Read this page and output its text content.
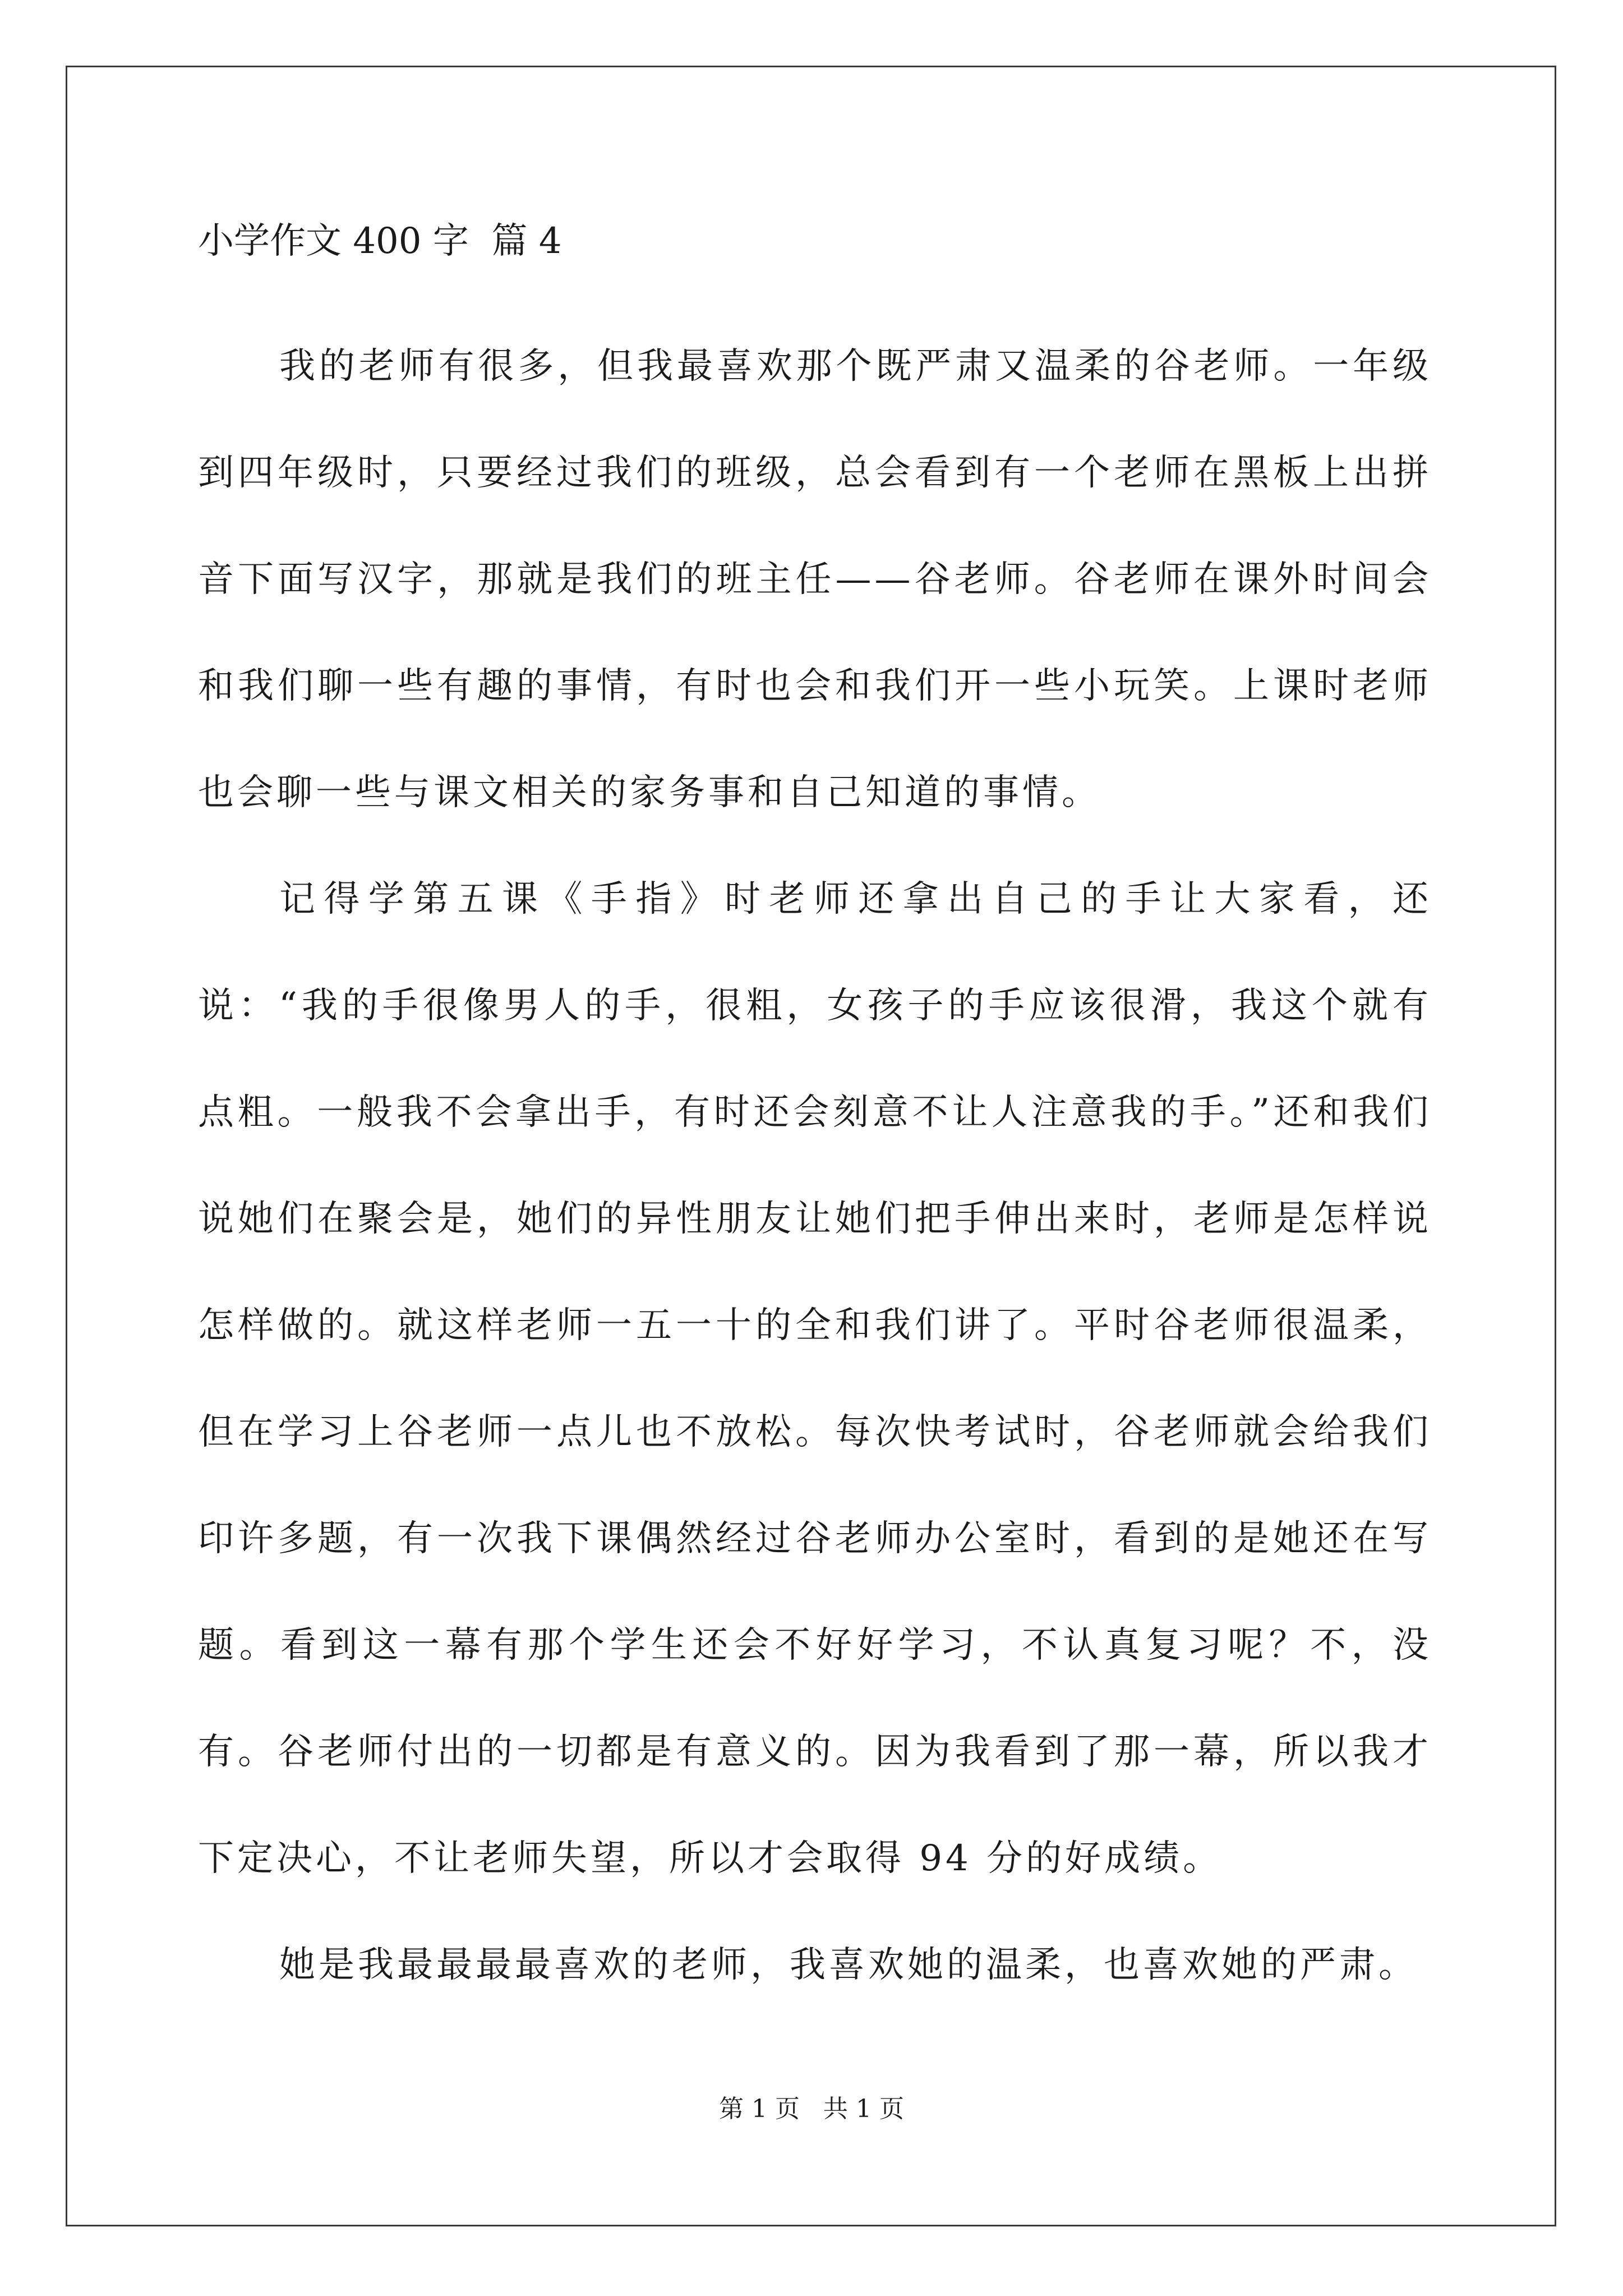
小学作文 400 字  篇 4

我的老师有很多，但我最喜欢那个既严肃又温柔的谷老师。一年级到四年级时，只要经过我们的班级，总会看到有一个老师在黑板上出拼音下面写汉字，那就是我们的班主任——谷老师。谷老师在课外时间会和我们聊一些有趣的事情，有时也会和我们开一些小玩笑。上课时老师也会聊一些与课文相关的家务事和自己知道的事情。

记得学第五课《手指》时老师还拿出自己的手让大家看，还说：“我的手很像男人的手，很粗，女孩子的手应该很滑，我这个就有点粗。一般我不会拿出手，有时还会刻意不让人注意我的手。”还和我们说她们在聚会是，她们的异性朋友让她们把手伸出来时，老师是怎样说怎样做的。就这样老师一五一十的全和我们讲了。平时谷老师很温柔，但在学习上谷老师一点儿也不放松。每次快考试时，谷老师就会给我们印许多题，有一次我下课偶然经过谷老师办公室时，看到的是她还在写题。看到这一幕有那个学生还会不好好学习，不认真复习呢？不，没有。谷老师付出的一切都是有意义的。因为我看到了那一幕，所以我才下定决心，不让老师失望，所以才会取得 94 分的好成绩。

她是我最最最最喜欢的老师，我喜欢她的温柔，也喜欢她的严肃。

第 1 页   共 1 页
